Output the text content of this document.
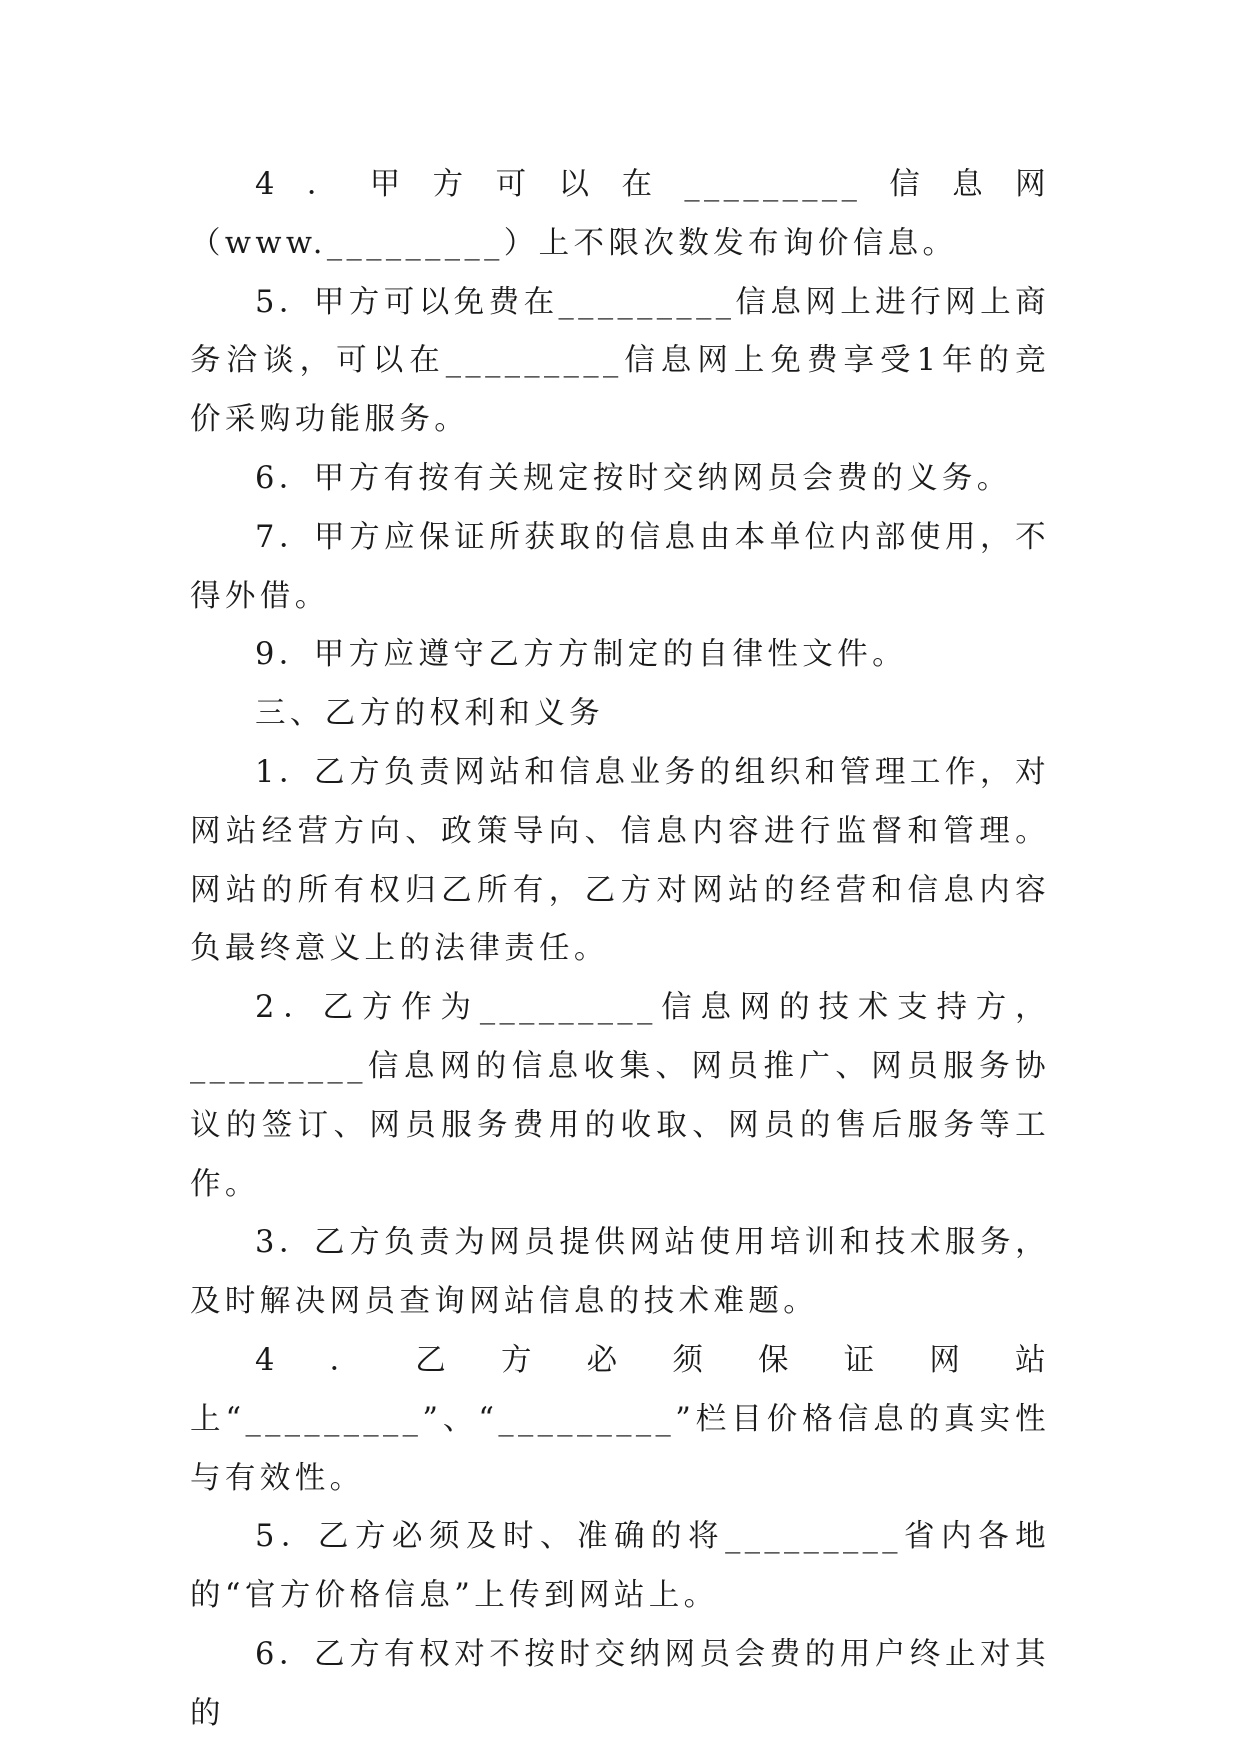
4．甲方可以在_________信息网（www._________）上不限次数发布询价信息。

5．甲方可以免费在_________信息网上进行网上商务洽谈，可以在_________信息网上免费享受1年的竞价采购功能服务。

6．甲方有按有关规定按时交纳网员会费的义务。

7．甲方应保证所获取的信息由本单位内部使用，不得外借。

9．甲方应遵守乙方方制定的自律性文件。

三、乙方的权利和义务

1．乙方负责网站和信息业务的组织和管理工作，对网站经营方向、政策导向、信息内容进行监督和管理。网站的所有权归乙所有，乙方对网站的经营和信息内容负最终意义上的法律责任。

2．乙方作为_________信息网的技术支持方，_________信息网的信息收集、网员推广、网员服务协议的签订、网员服务费用的收取、网员的售后服务等工作。

3．乙方负责为网员提供网站使用培训和技术服务，及时解决网员查询网站信息的技术难题。

4．乙方必须保证网站上“_________”、“_________”栏目价格信息的真实性与有效性。

5．乙方必须及时、准确的将_________省内各地的“官方价格信息”上传到网站上。

6．乙方有权对不按时交纳网员会费的用户终止对其的
